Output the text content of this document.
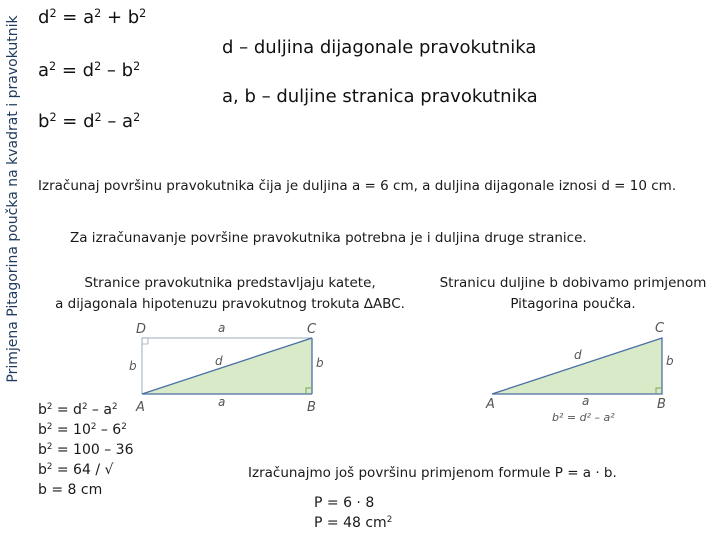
Primjena Pitagorina poučka na kvadrat i pravokutnik $d^2 = a^2 + b^2$
$a^2 = d^2 - b^2$
$b^2 = d^2 - a^2$
d – duljina dijagonale pravokutnika
a, b – duljine stranica pravokutnika
Izračunaj površinu pravokutnika čija je duljina a = 6 cm, a duljina dijagonale iznosi d = 10 cm.
Za izračunavanje površine pravokutnika potrebna je i duljina druge stranice.
Stranice pravokutnika predstavljaju katete,
a dijagonala hipotenuzu pravokutnog trokuta ∆ABC.
Stranicu duljine b dobivamo primjenom
Pitagorina poučka.
D	C
A	B
a
b	d	b
a
C
A	B
d	b
a
b² = d² – a²
$b^2 = d^2 - a^2$
$b^2 = 10^2 - 6^2$
$b^2 = 100 - 36$
$b^2 = 64$ / √
b = 8 cm
Izračunajmo još površinu primjenom formule P = a · b.
P = 6 · 8
P = 48 $cm^2$
